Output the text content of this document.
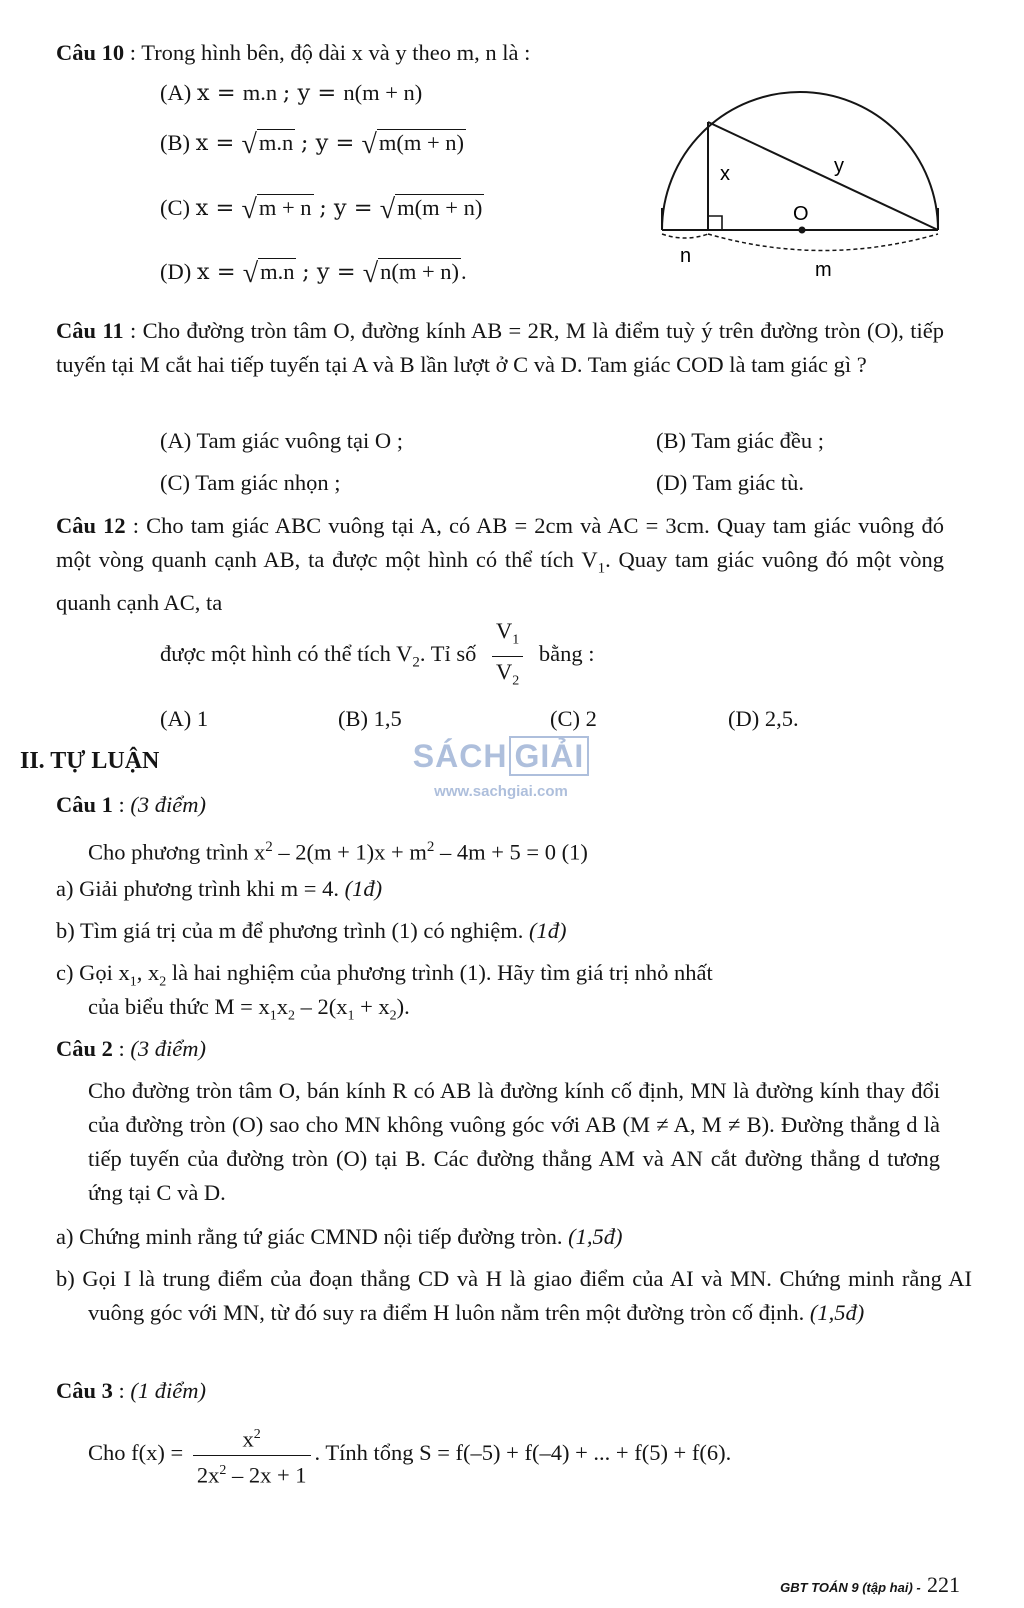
Câu 10 : Trong hình bên, độ dài x và y theo m, n là :
(A) x = m.n ; y = n(m + n)
(B) x = √m.n ; y = √m(m + n)
(C) x = √m + n ; y = √m(m + n)
(D) x = √m.n ; y = √n(m + n).
x	y
O
n
m
Câu 11 : Cho đường tròn tâm O, đường kính AB = 2R, M là điểm tuỳ ý trên đường tròn (O), tiếp tuyến tại M cắt hai tiếp tuyến tại A và B lần lượt ở C và D. Tam giác COD là tam giác gì ?
(A) Tam giác vuông tại O ;	(B) Tam giác đều ;
(C) Tam giác nhọn ;	(D) Tam giác tù.
Câu 12 : Cho tam giác ABC vuông tại A, có AB = 2cm và AC = 3cm. Quay tam giác vuông đó một vòng quanh cạnh AB, ta được một hình có thể tích $V_1$. Quay tam giác vuông đó một vòng quanh cạnh AC, ta
được một hình có thể tích $V_2$. Tỉ số $\frac{V_1}{V_2}$ bằng :
(A) 1	(B) 1,5	(C) 2	(D) 2,5.
II. TỰ LUẬN	SÁCH GIẢI
www.sachgiai.com
Câu 1 : (3 điểm)
Cho phương trình $x^2 - 2(m + 1)x + m^2 - 4m + 5 = 0$ (1)
a) Giải phương trình khi m = 4. (1đ)
b) Tìm giá trị của m để phương trình (1) có nghiệm. (1đ)
c) Gọi $x_1$, $x_2$ là hai nghiệm của phương trình (1). Hãy tìm giá trị nhỏ nhất
của biểu thức $M = x_1x_2 - 2(x_1 + x_2)$.
Câu 2 : (3 điểm)
Cho đường tròn tâm O, bán kính R có AB là đường kính cố định, MN là đường kính thay đổi của đường tròn (O) sao cho MN không vuông góc với AB (M ≠ A, M ≠ B). Đường thẳng d là tiếp tuyến của đường tròn (O) tại B. Các đường thẳng AM và AN cắt đường thẳng d tương ứng tại C và D.
a) Chứng minh rằng tứ giác CMND nội tiếp đường tròn. (1,5đ)
b) Gọi I là trung điểm của đoạn thẳng CD và H là giao điểm của AI và MN. Chứng minh rằng AI vuông góc với MN, từ đó suy ra điểm H luôn nằm trên một đường tròn cố định. (1,5đ)
Câu 3 : (1 điểm)
Cho $f(x) = \frac{x^2}{2x^2 - 2x + 1}$ . Tính tổng S = f(–5) + f(–4) + ... + f(5) + f(6).
GBT TOÁN 9 (tập hai) - 221
